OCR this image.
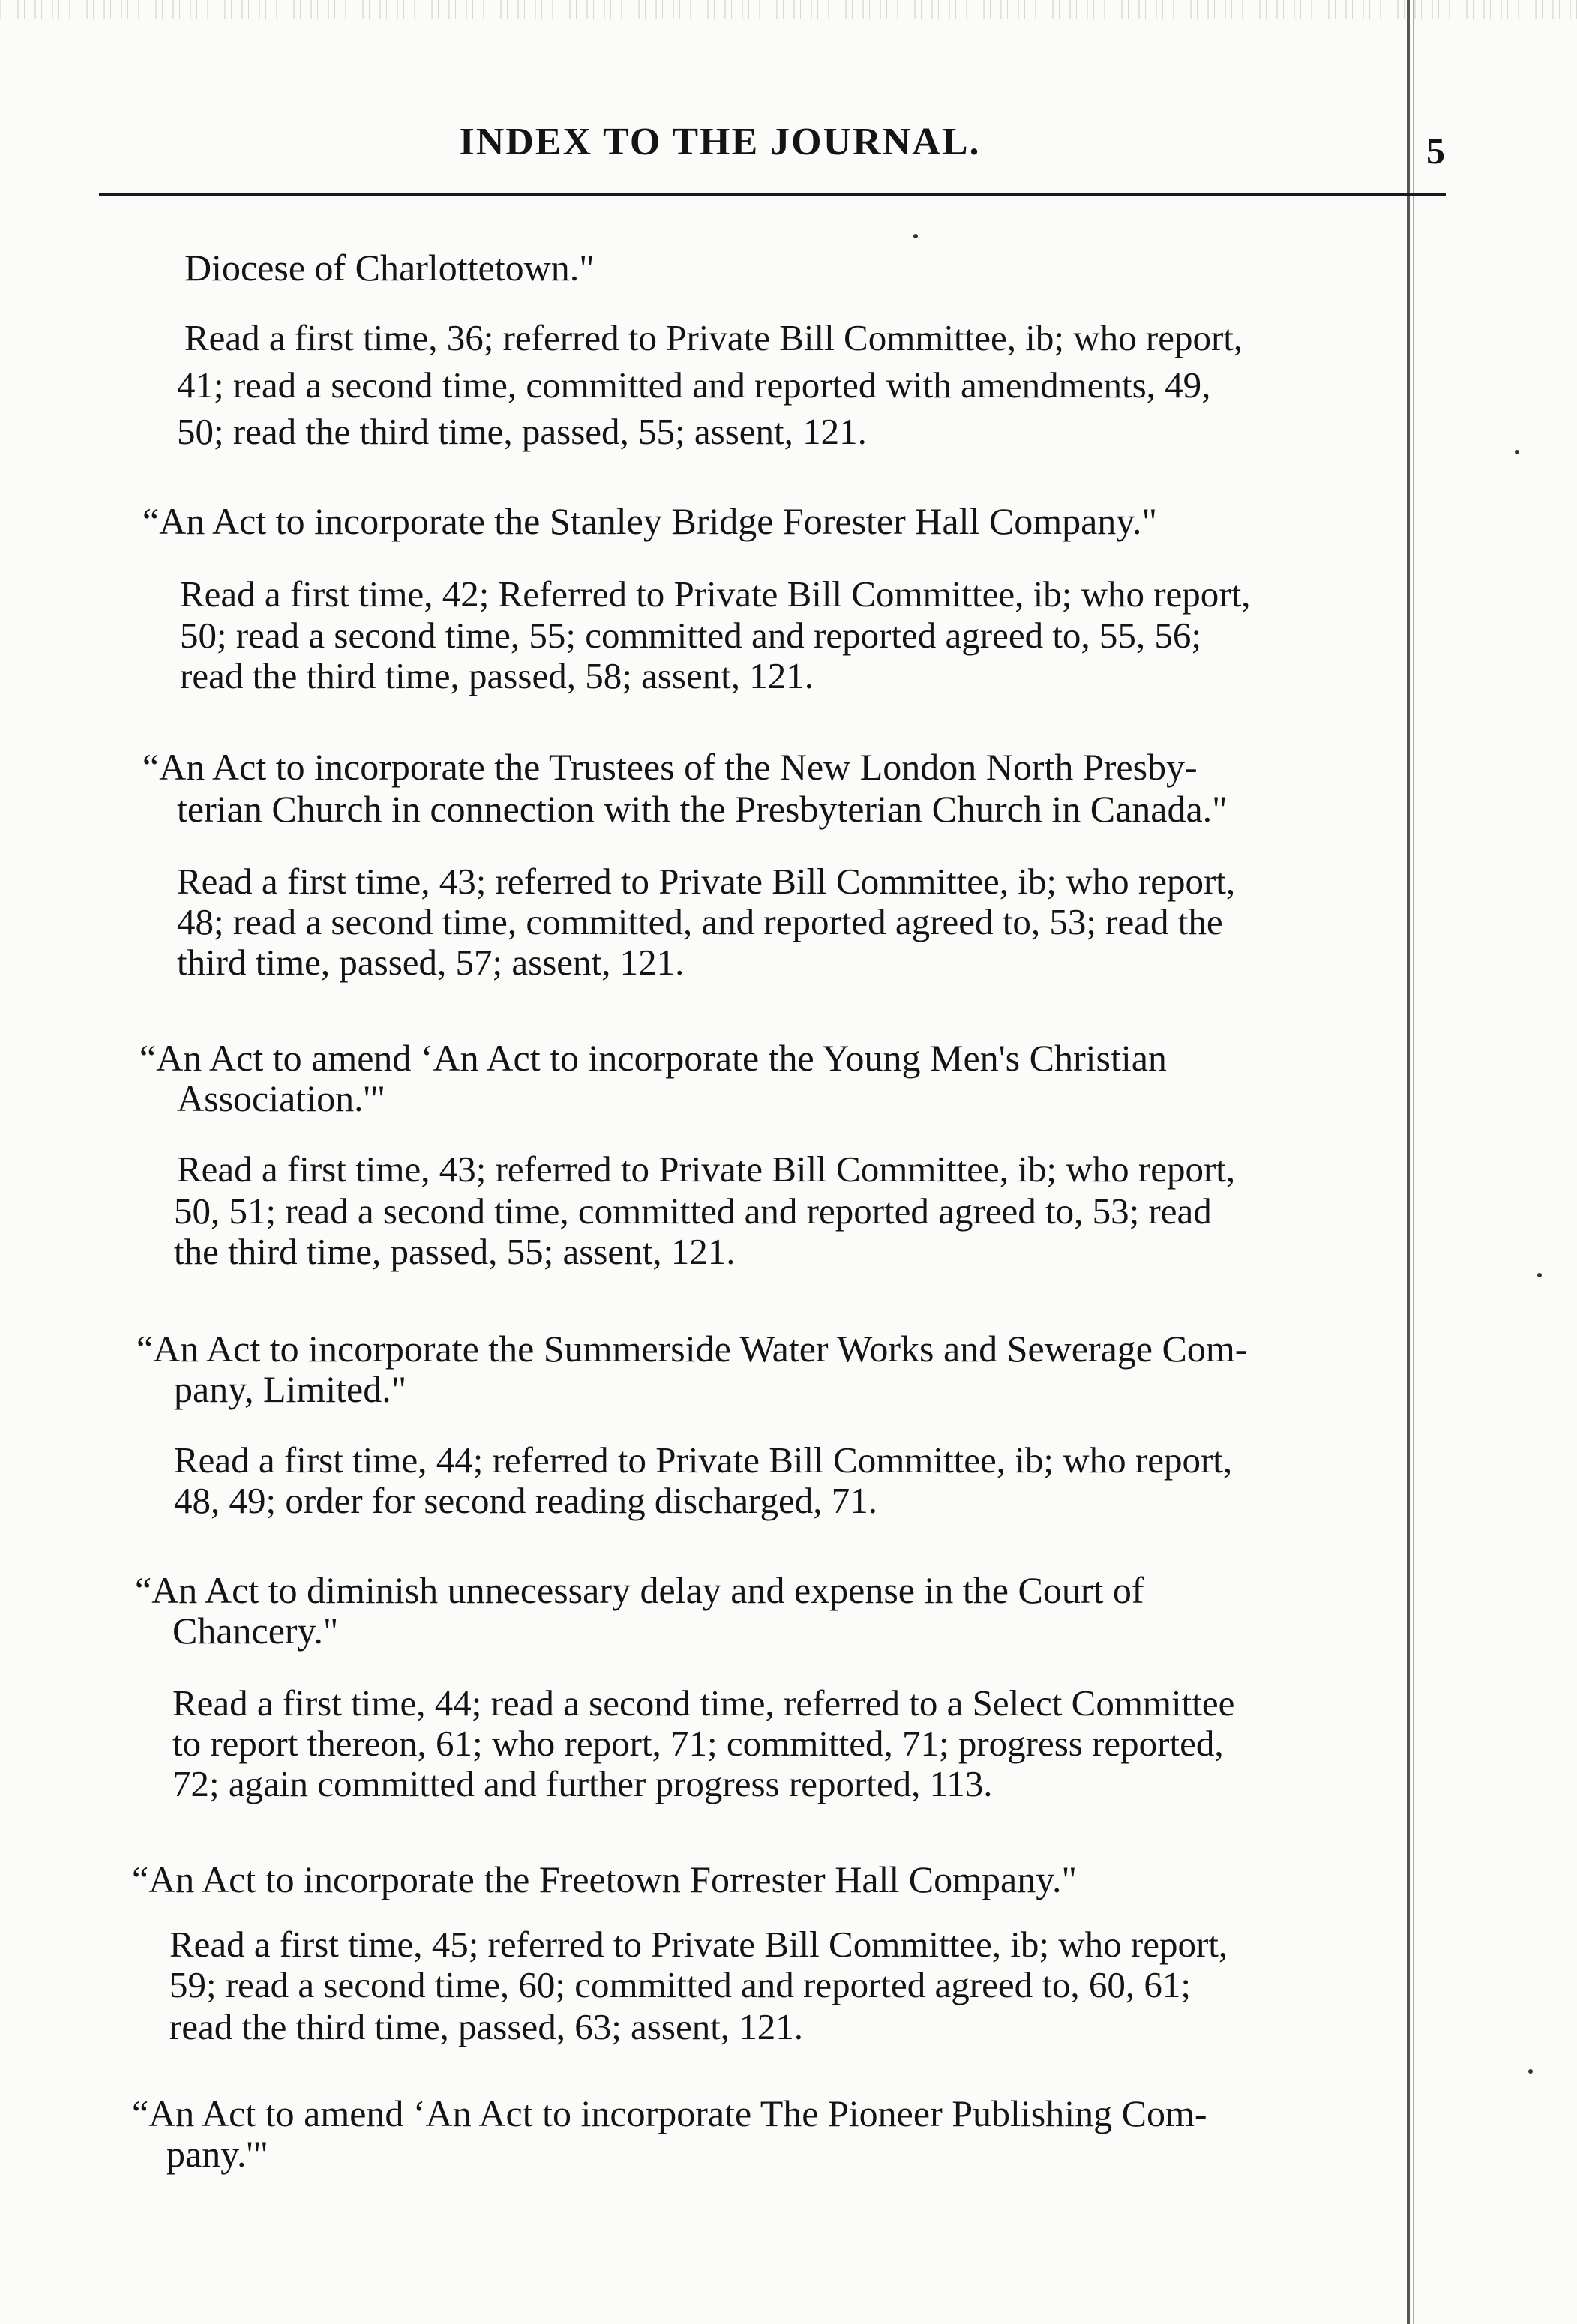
INDEX TO THE JOURNAL.	5
Diocese of Charlottetown."
Read a first time, 36; referred to Private Bill Committee, ib; who report,
41; read a second time, committed and reported with amendments, 49,
50; read the third time, passed, 55; assent, 121.
“An Act to incorporate the Stanley Bridge Forester Hall Company."
Read a first time, 42; Referred to Private Bill Committee, ib; who report,
50; read a second time, 55; committed and reported agreed to, 55, 56;
read the third time, passed, 58; assent, 121.
“An Act to incorporate the Trustees of the New London North Presby-
terian Church in connection with the Presbyterian Church in Canada."
Read a first time, 43; referred to Private Bill Committee, ib; who report,
48; read a second time, committed, and reported agreed to, 53; read the
third time, passed, 57; assent, 121.
“An Act to amend ‘An Act to incorporate the Young Men's Christian
Association.'"
Read a first time, 43; referred to Private Bill Committee, ib; who report,
50, 51; read a second time, committed and reported agreed to, 53; read
the third time, passed, 55; assent, 121.
“An Act to incorporate the Summerside Water Works and Sewerage Com-
pany, Limited."
Read a first time, 44; referred to Private Bill Committee, ib; who report,
48, 49; order for second reading discharged, 71.
“An Act to diminish unnecessary delay and expense in the Court of
Chancery."
Read a first time, 44; read a second time, referred to a Select Committee
to report thereon, 61; who report, 71; committed, 71; progress reported,
72; again committed and further progress reported, 113.
“An Act to incorporate the Freetown Forrester Hall Company."
Read a first time, 45; referred to Private Bill Committee, ib; who report,
59; read a second time, 60; committed and reported agreed to, 60, 61;
read the third time, passed, 63; assent, 121.
“An Act to amend ‘An Act to incorporate The Pioneer Publishing Com-
pany.'"
